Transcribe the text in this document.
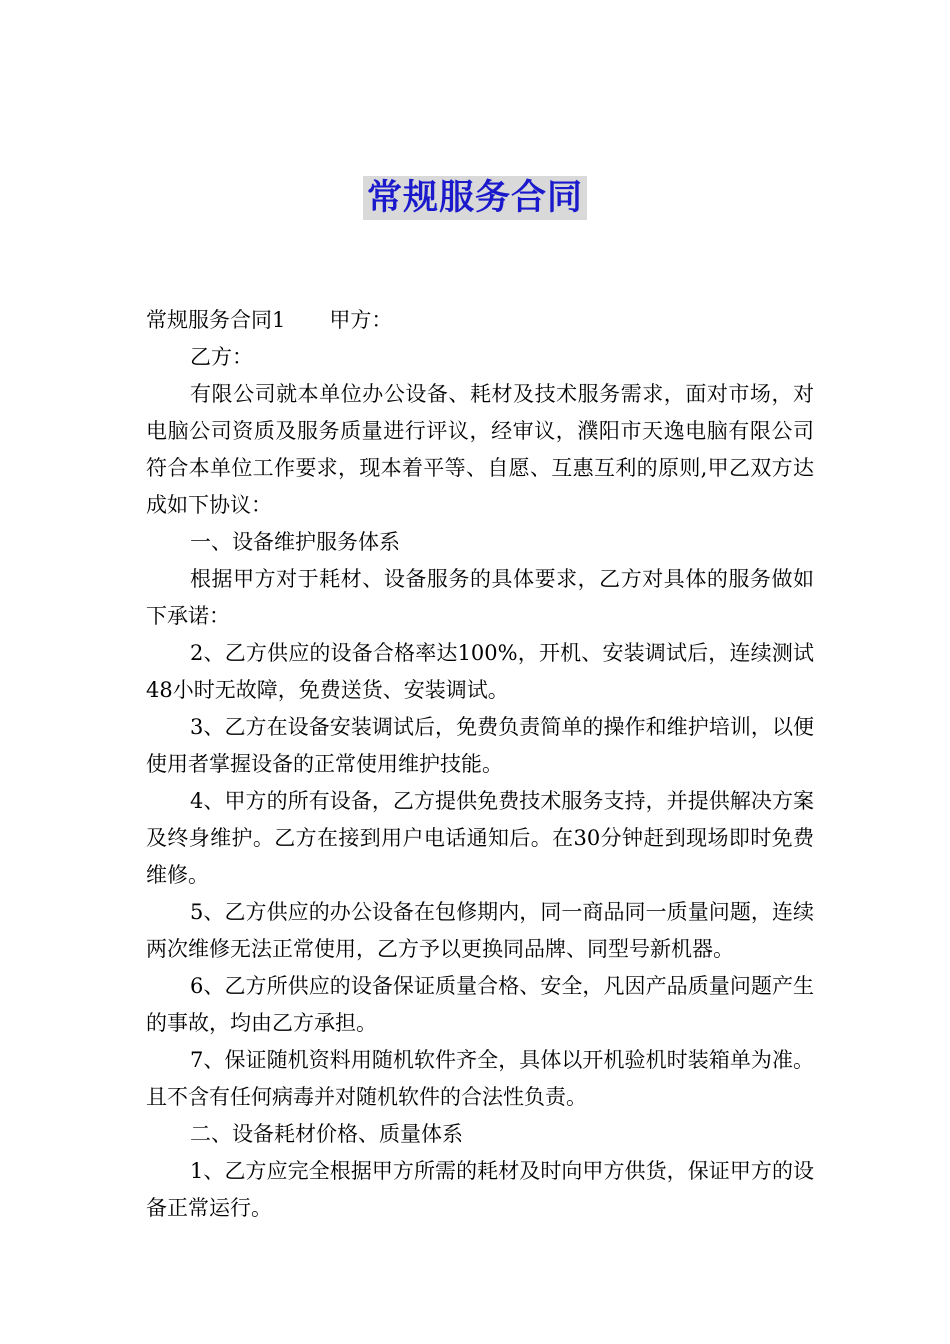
常规服务合同

常规服务合同1 甲方：

乙方：

有限公司就本单位办公设备、耗材及技术服务需求，面对市场，对电脑公司资质及服务质量进行评议，经审议，濮阳市天逸电脑有限公司符合本单位工作要求，现本着平等、自愿、互惠互利的原则,甲乙双方达成如下协议：

一、设备维护服务体系

根据甲方对于耗材、设备服务的具体要求，乙方对具体的服务做如下承诺：

2、乙方供应的设备合格率达100%，开机、安装调试后，连续测试48小时无故障，免费送货、安装调试。

3、乙方在设备安装调试后，免费负责简单的操作和维护培训，以便使用者掌握设备的正常使用维护技能。

4、甲方的所有设备，乙方提供免费技术服务支持，并提供解决方案及终身维护。乙方在接到用户电话通知后。在30分钟赶到现场即时免费维修。

5、乙方供应的办公设备在包修期内，同一商品同一质量问题，连续两次维修无法正常使用，乙方予以更换同品牌、同型号新机器。

6、乙方所供应的设备保证质量合格、安全，凡因产品质量问题产生的事故，均由乙方承担。

7、保证随机资料用随机软件齐全，具体以开机验机时装箱单为准。且不含有任何病毒并对随机软件的合法性负责。

二、设备耗材价格、质量体系

1、乙方应完全根据甲方所需的耗材及时向甲方供货，保证甲方的设备正常运行。
